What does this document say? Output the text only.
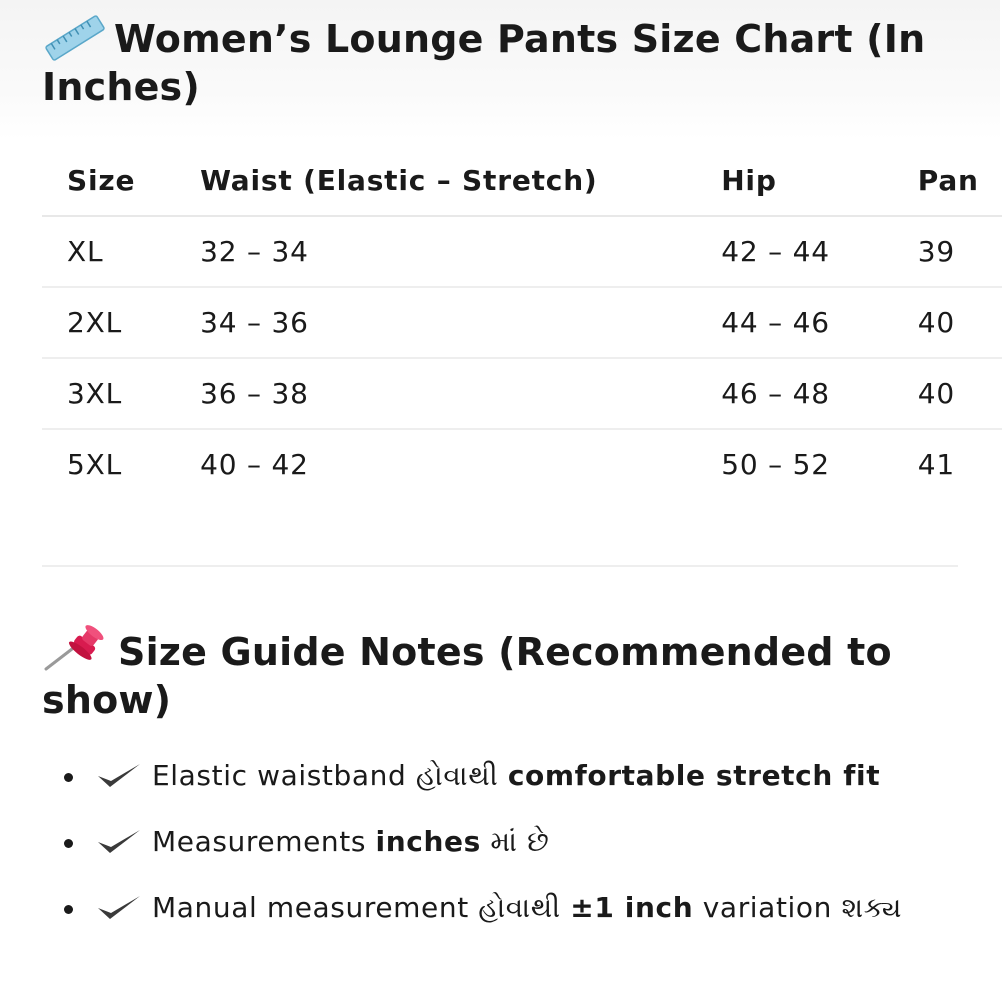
Women’s Lounge Pants Size Chart (In Inches)
Size	Waist (Elastic – Stretch)	Hip	Pan
XL	32 – 34	42 – 44	39
2XL	34 – 36	44 – 46	40
3XL	36 – 38	46 – 48	40
5XL	40 – 42	50 – 52	41
Size Guide Notes (Recommended to show)
Elastic waistband હોવાથી comfortable stretch fit
Measurements inches માં છે
Manual measurement હોવાથી ±1 inch variation શક્ય
